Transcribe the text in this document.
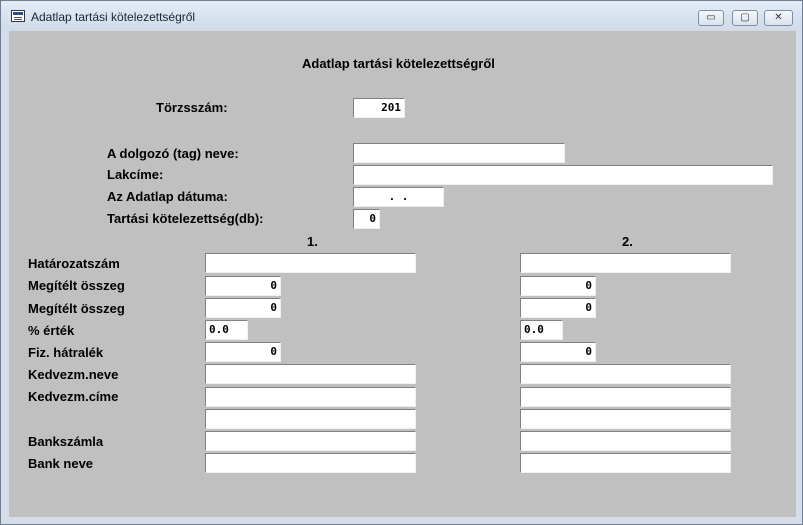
Adatlap tartási kötelezettségről	▭	▢	✕
Adatlap tartási kötelezettségről
Törzsszám:	201
A dolgozó (tag) neve:
Lakcíme:
Az Adatlap dátuma:	. .
Tartási kötelezettség(db):	0
1.	2.
Határozatszám
Megítélt összeg	0	0
Megítélt összeg	0	0
% érték	0.0	0.0
Fiz. hátralék	0	0
Kedvezm.neve
Kedvezm.címe
Bankszámla
Bank neve
